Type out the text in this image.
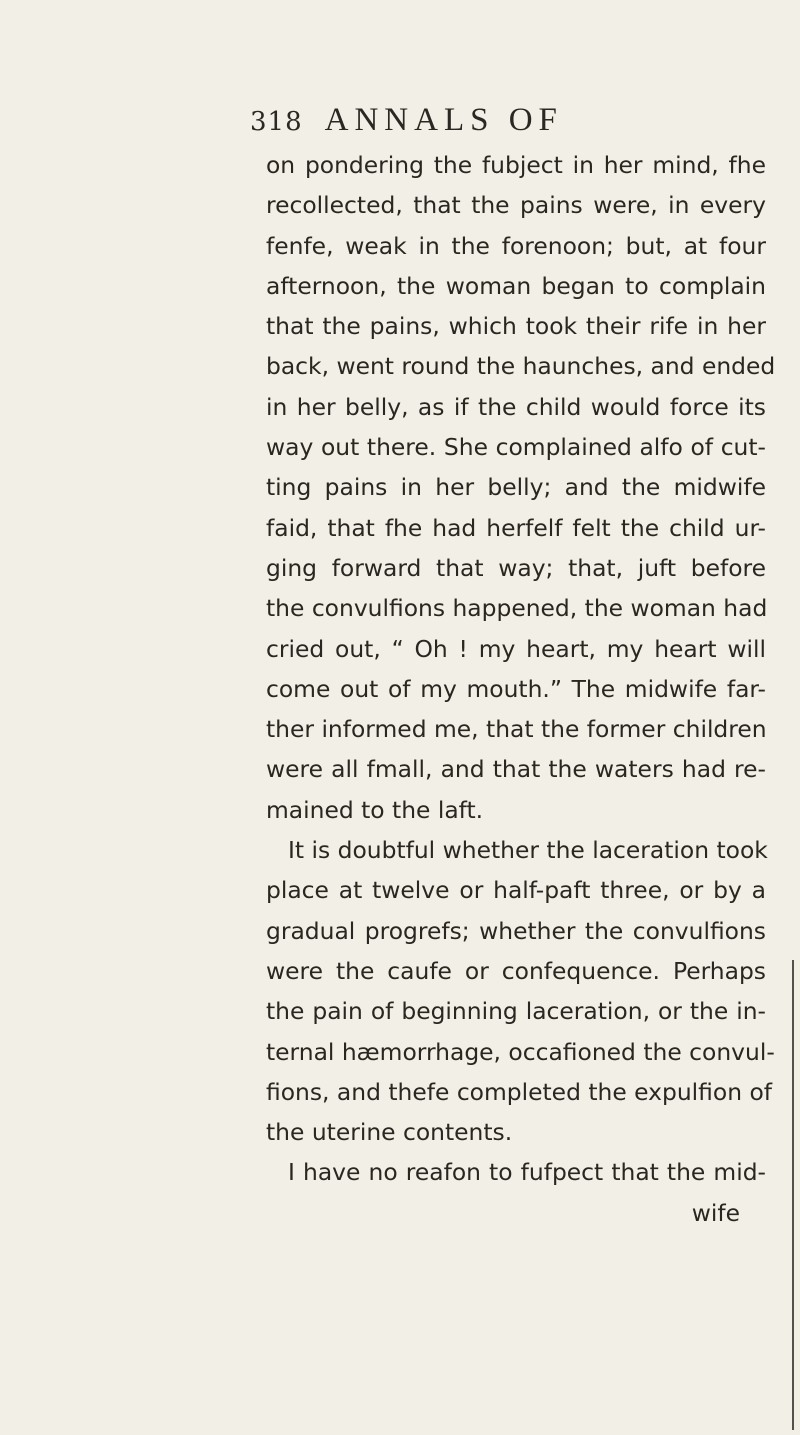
318 ANNALS OF
on pondering the fubject in her mind, fhe
recollected, that the pains were, in every
fenfe, weak in the forenoon; but, at four
afternoon, the woman began to complain
that the pains, which took their rife in her
back, went round the haunches, and ended
in her belly, as if the child would force its
way out there. She complained alfo of cut-
ting pains in her belly; and the midwife
faid, that fhe had herfelf felt the child ur-
ging forward that way; that, juft before
the convulfions happened, the woman had
cried out, “ Oh ! my heart, my heart will
come out of my mouth.” The midwife far-
ther informed me, that the former children
were all fmall, and that the waters had re-
mained to the laft.
It is doubtful whether the laceration took
place at twelve or half-paft three, or by a
gradual progrefs; whether the convulfions
were the caufe or confequence. Perhaps
the pain of beginning laceration, or the in-
ternal hæmorrhage, occafioned the convul-
fions, and thefe completed the expulfion of
the uterine contents.
I have no reafon to fufpect that the mid-
wife
